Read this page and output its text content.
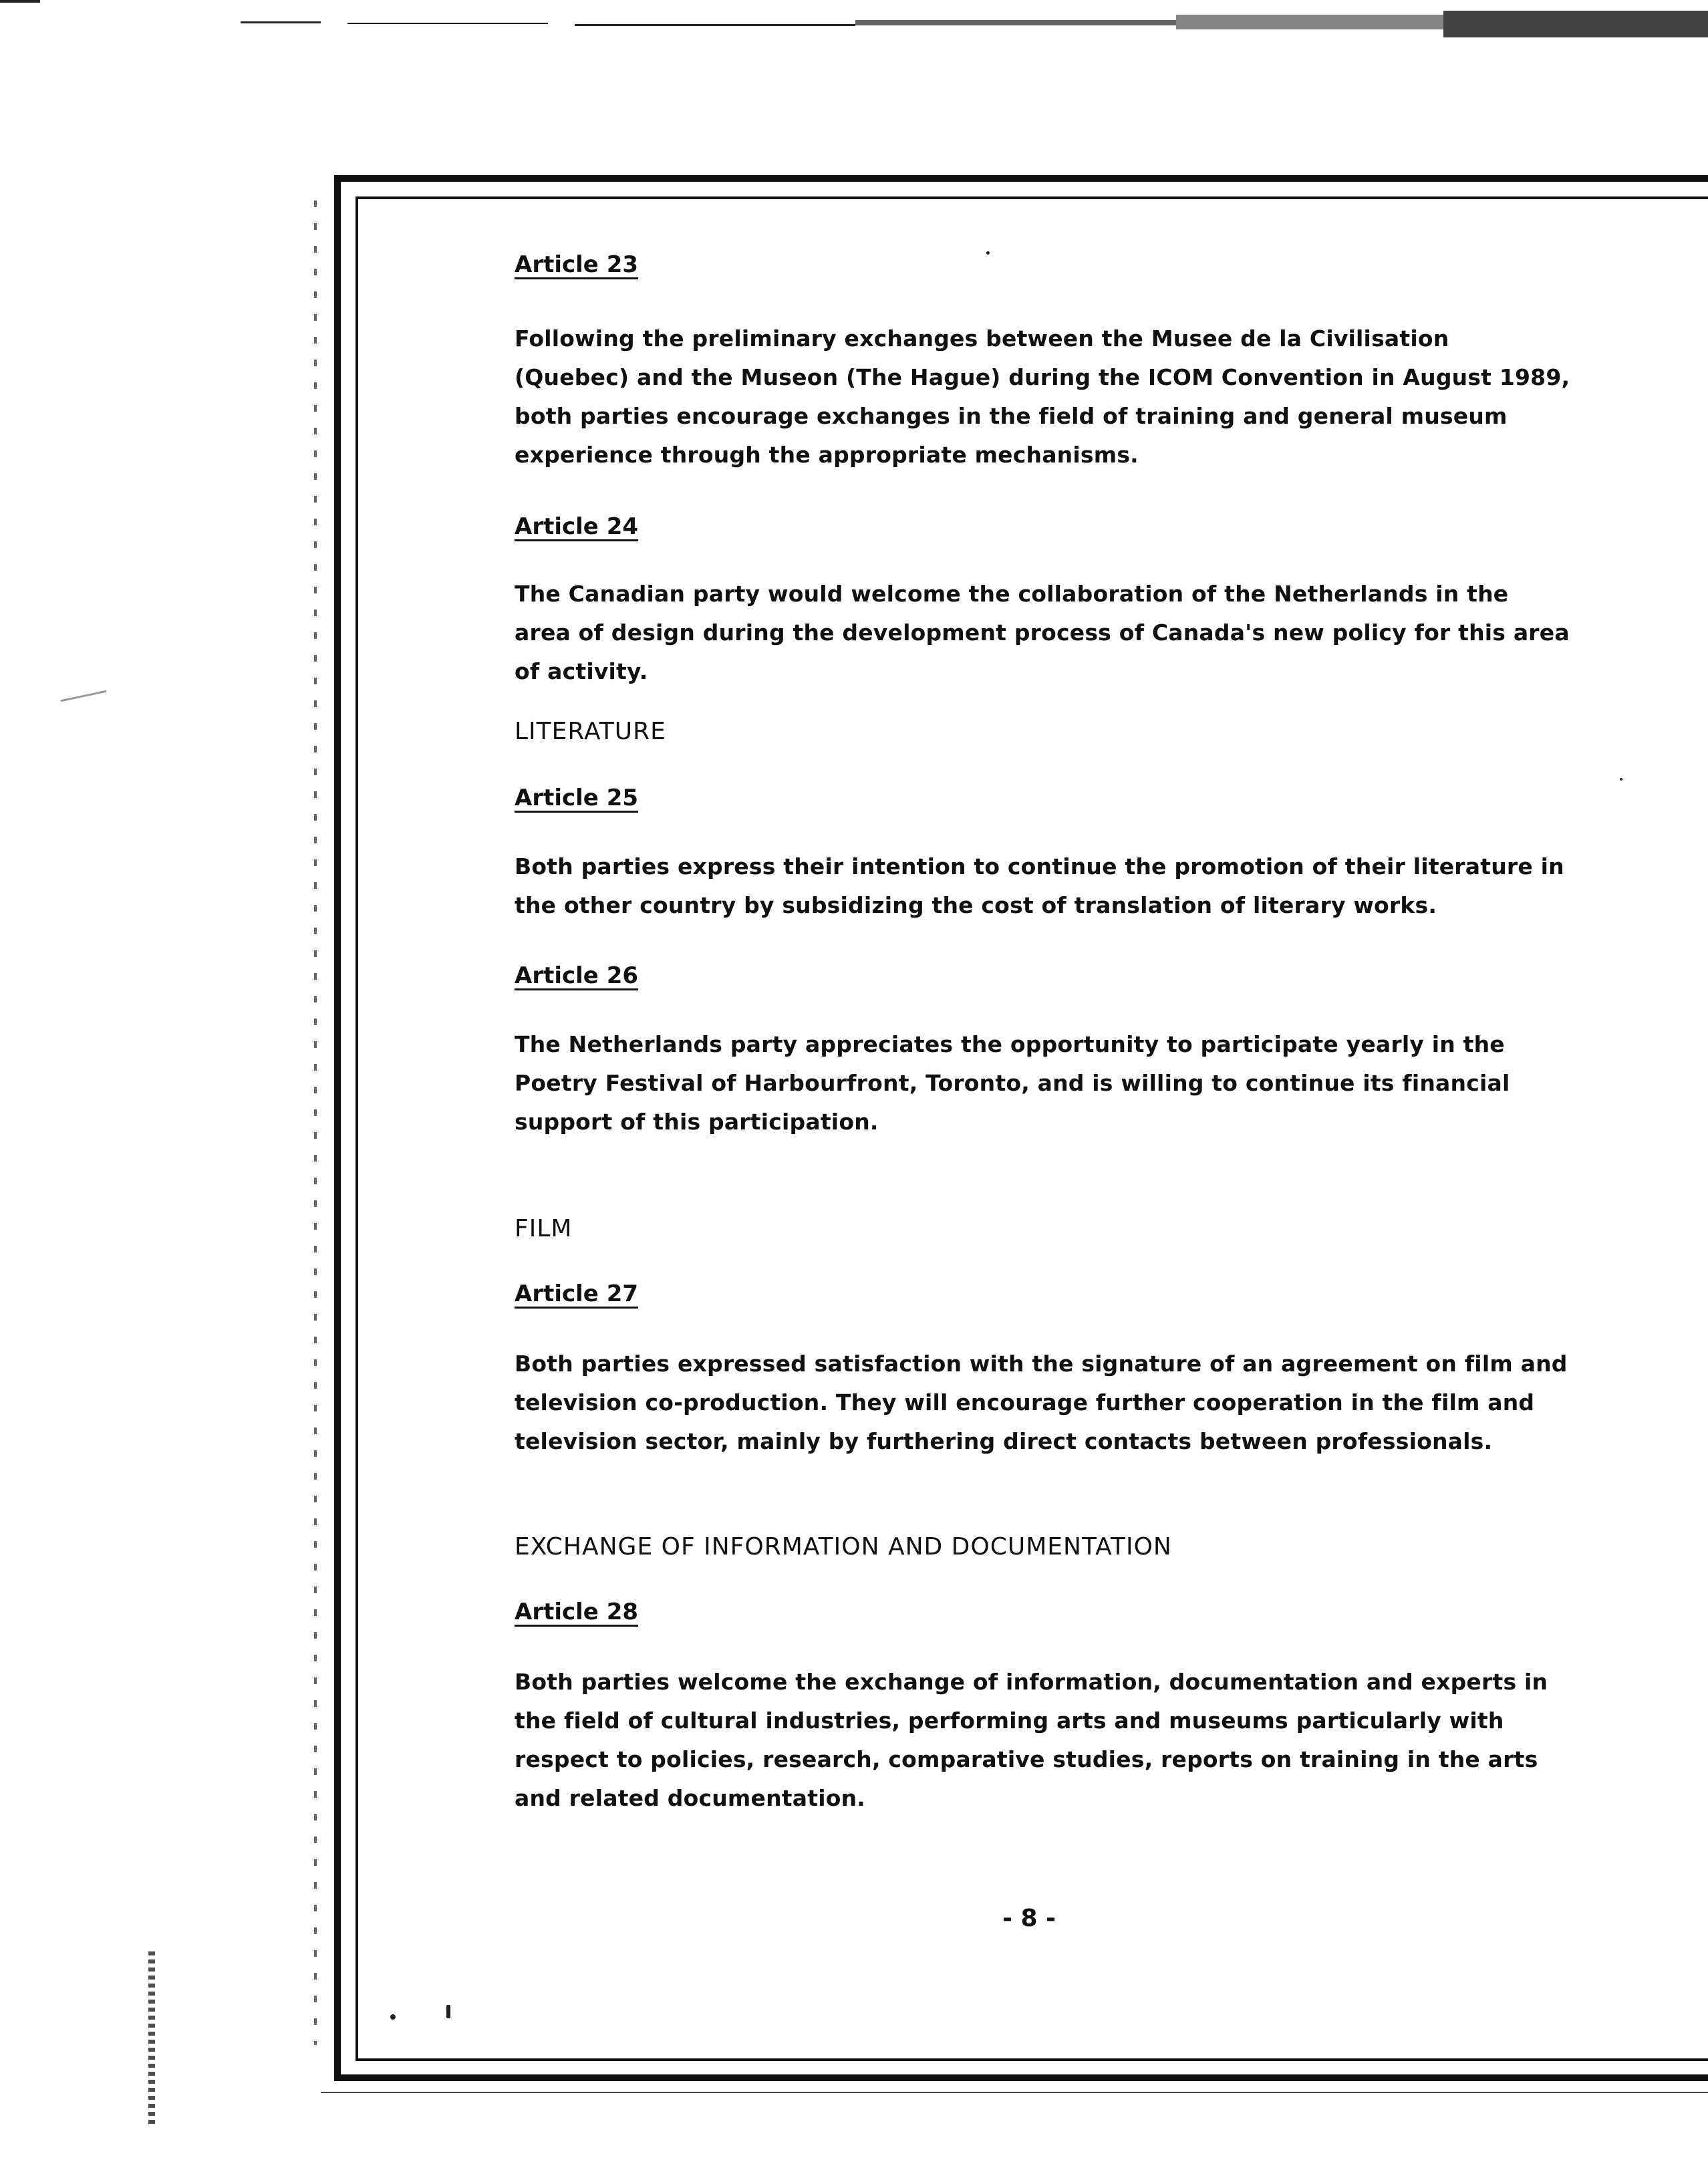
Article 23

Following the preliminary exchanges between the Musee de la Civilisation (Quebec) and the Museon (The Hague) during the ICOM Convention in August 1989, both parties encourage exchanges in the field of training and general museum experience through the appropriate mechanisms.

Article 24

The Canadian party would welcome the collaboration of the Netherlands in the area of design during the development process of Canada's new policy for this area of activity.

LITERATURE

Article 25

Both parties express their intention to continue the promotion of their literature in the other country by subsidizing the cost of translation of literary works.

Article 26

The Netherlands party appreciates the opportunity to participate yearly in the Poetry Festival of Harbourfront, Toronto, and is willing to continue its financial support of this participation.

FILM

Article 27

Both parties expressed satisfaction with the signature of an agreement on film and television co-production. They will encourage further cooperation in the film and television sector, mainly by furthering direct contacts between professionals.

EXCHANGE OF INFORMATION AND DOCUMENTATION

Article 28

Both parties welcome the exchange of information, documentation and experts in the field of cultural industries, performing arts and museums particularly with respect to policies, research, comparative studies, reports on training in the arts and related documentation.

- 8 -
